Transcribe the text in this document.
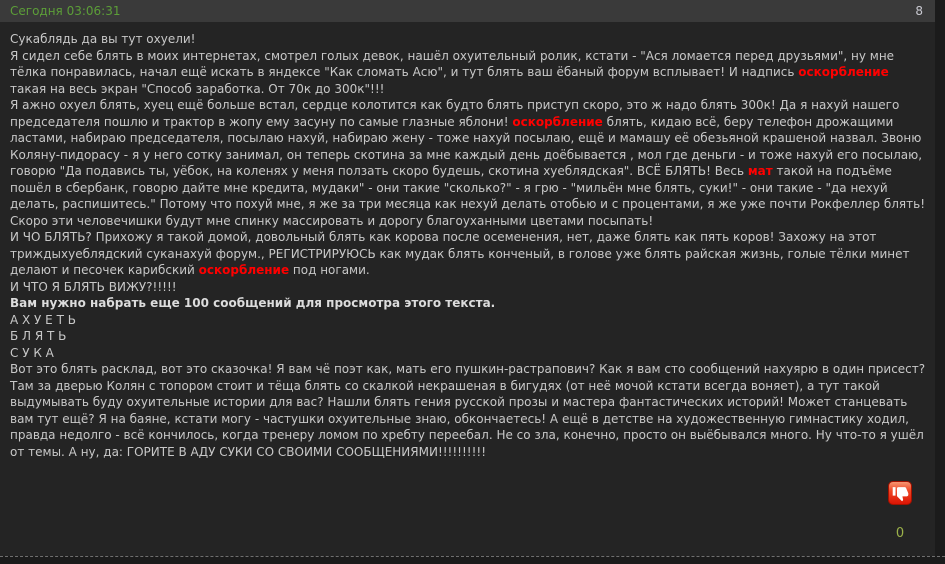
Сегодня 03:06:31	8
Сукаблядь да вы тут охуели!
Я сидел себе блять в моих интернетах, смотрел голых девок, нашёл охуительный ролик, кстати - "Ася ломается перед друзьями", ну мне тёлка понравилась, начал ещё искать в яндексе "Как сломать Асю", и тут блять ваш ёбаный форум всплывает! И надпись оскорбление такая на весь экран "Способ заработка. От 70к до 300к"!!!
Я ажно охуел блять, хуец ещё больше встал, сердце колотится как будто блять приступ скоро, это ж надо блять 300к! Да я нахуй нашего председателя пошлю и трактор в жопу ему засуну по самые глазные яблони! оскорбление блять, кидаю всё, беру телефон дрожащими ластами, набираю председателя, посылаю нахуй, набираю жену - тоже нахуй посылаю, ещё и мамашу её обезьяной крашеной назвал. Звоню Коляну-пидорасу - я у него сотку занимал, он теперь скотина за мне каждый день доёбывается , мол где деньги - и тоже нахуй его посылаю, говорю "Да подавись ты, уёбок, на коленях у меня ползать скоро будешь, скотина хуеблядская". ВСЁ БЛЯТЬ! Весь мат такой на подъёме пошёл в сбербанк, говорю дайте мне кредита, мудаки" - они такие "сколько?" - я грю - "мильён мне блять, суки!" - они такие - "да нехуй делать, распишитесь." Потому что похуй мне, я же за три месяца как нехуй делать отобью и с процентами, я же уже почти Рокфеллер блять! Скоро эти человечишки будут мне спинку массировать и дорогу благоуханными цветами посыпать!
И ЧО БЛЯТЬ? Прихожу я такой домой, довольный блять как корова после осеменения, нет, даже блять как пять коров! Захожу на этот триждыхуеблядский суканахуй форум., РЕГИСТРИРУЮСЬ как мудак блять конченый, в голове уже блять райская жизнь, голые тёлки минет делают и песочек карибский оскорбление под ногами.
И ЧТО Я БЛЯТЬ ВИЖУ?!!!!!
Вам нужно набрать еще 100 сообщений для просмотра этого текста.
А Х У Е Т Ь
Б Л Я Т Ь
С У К А
Вот это блять расклад, вот это сказочка! Я вам чё поэт как, мать его пушкин-растрапович? Как я вам сто сообщений нахуярю в один присест? Там за дверью Колян с топором стоит и тёща блять со скалкой некрашеная в бигудях (от неё мочой кстати всегда воняет), а тут такой выдумывать буду охуительные истории для вас? Нашли блять гения русской прозы и мастера фантастических историй! Может станцевать вам тут ещё? Я на баяне, кстати могу - частушки охуительные знаю, обкончаетесь! А ещё в детстве на художественную гимнастику ходил, правда недолго - всё кончилось, когда тренеру ломом по хребту переебал. Не со зла, конечно, просто он выёбывался много. Ну что-то я ушёл от темы. А ну, да: ГОРИТЕ В АДУ СУКИ СО СВОИМИ СООБЩЕНИЯМИ!!!!!!!!!!
0
